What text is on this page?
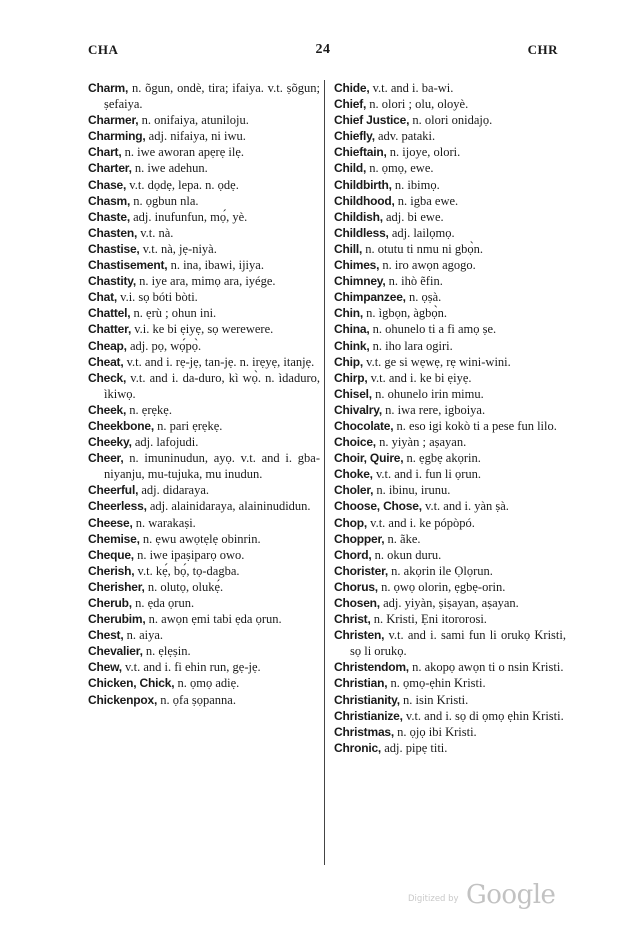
CHA	24	CHR

Charm, n. õgun, ondè, tira; ifaiya. v.t. ṣõgun; ṣefaiya.

Charmer, n. onifaiya, atuniloju.

Charming, adj. nifaiya, ni iwu.

Chart, n. iwe aworan apẹrẹ ilẹ.

Charter, n. iwe adehun.

Chase, v.t. dọdẹ, lepa. n. ọdẹ.

Chasm, n. ọgbun nla.

Chaste, adj. inufunfun, mọ́, yè.

Chasten, v.t. nà.

Chastise, v.t. nà, jẹ-niyà.

Chastisement, n. ina, ibawi, ijiya.

Chastity, n. iye ara, mimọ ara, iyége.

Chat, v.i. sọ bóti bòti.

Chattel, n. ẹrù ; ohun ini.

Chatter, v.i. ke bi ẹiyẹ, sọ werewere.

Cheap, adj. pọ, wọ́pọ̀.

Cheat, v.t. and i. rẹ-jẹ, tan-jẹ. n. irẹyẹ, itanjẹ.

Check, v.t. and i. da-duro, kì wọ̀. n. ìdaduro, ìkiwọ.

Cheek, n. ẹrẹkẹ.

Cheekbone, n. pari ẹrẹkẹ.

Cheeky, adj. lafojudi.

Cheer, n. imuninudun, ayọ. v.t. and i. gba-niyanju, mu-tujuka, mu inudun.

Cheerful, adj. didaraya.

Cheerless, adj. alainidaraya, alaininudidun.

Cheese, n. warakaṣi.

Chemise, n. ẹwu awọtẹlẹ obinrin.

Cheque, n. iwe ipaṣiparọ owo.

Cherish, v.t. kẹ́, bọ́, tọ-dagba.

Cherisher, n. olutọ, olukẹ́.

Cherub, n. ẹda ọrun.

Cherubim, n. awọn ẹmi tabi ẹda ọrun.

Chest, n. aiya.

Chevalier, n. ẹlẹṣin.

Chew, v.t. and i. fi ehin run, gẹ-jẹ.

Chicken, Chick, n. ọmọ adiẹ.

Chickenpox, n. ọfa ṣọpanna.

Chide, v.t. and i. ba-wi.

Chief, n. olori ; olu, oloyè.

Chief Justice, n. olori onidajọ.

Chiefly, adv. pataki.

Chieftain, n. ijoye, olori.

Child, n. ọmọ, ewe.

Childbirth, n. ibimọ.

Childhood, n. igba ewe.

Childish, adj. bi ewe.

Childless, adj. lailọmọ.

Chill, n. otutu ti nmu ni gbọ̀n.

Chimes, n. iro awọn agogo.

Chimney, n. ihò ẽfin.

Chimpanzee, n. ọṣà.

Chin, n. ìgbọn, àgbọ̀n.

China, n. ohunelo ti a fi amọ ṣe.

Chink, n. iho lara ogiri.

Chip, v.t. ge si wẹwẹ, rẹ wini-wini.

Chirp, v.t. and i. ke bi ẹiyẹ.

Chisel, n. ohunelo irin mimu.

Chivalry, n. iwa rere, igboiya.

Chocolate, n. eso igi kokò ti a pese fun lilo.

Choice, n. yiyàn ; aṣayan.

Choir, Quire, n. ẹgbẹ akọrin.

Choke, v.t. and i. fun li ọrun.

Choler, n. ibinu, irunu.

Choose, Chose, v.t. and i. yàn ṣà.

Chop, v.t. and i. ke pópòpó.

Chopper, n. ãke.

Chord, n. okun duru.

Chorister, n. akọrin ile Ọlọrun.

Chorus, n. ọwọ olorin, ẹgbẹ-orin.

Chosen, adj. yiyàn, ṣiṣayan, aṣayan.

Christ, n. Kristi, Ẹni itororosi.

Christen, v.t. and i. sami fun li orukọ Kristi, sọ li orukọ.

Christendom, n. akopọ awọn ti o nsin Kristi.

Christian, n. ọmọ-ẹhin Kristi.

Christianity, n. isin Kristi.

Christianize, v.t. and i. sọ di ọmọ ẹhin Kristi.

Christmas, n. ọjọ ibi Kristi.

Chronic, adj. pipẹ titi.

Digitized by Google
